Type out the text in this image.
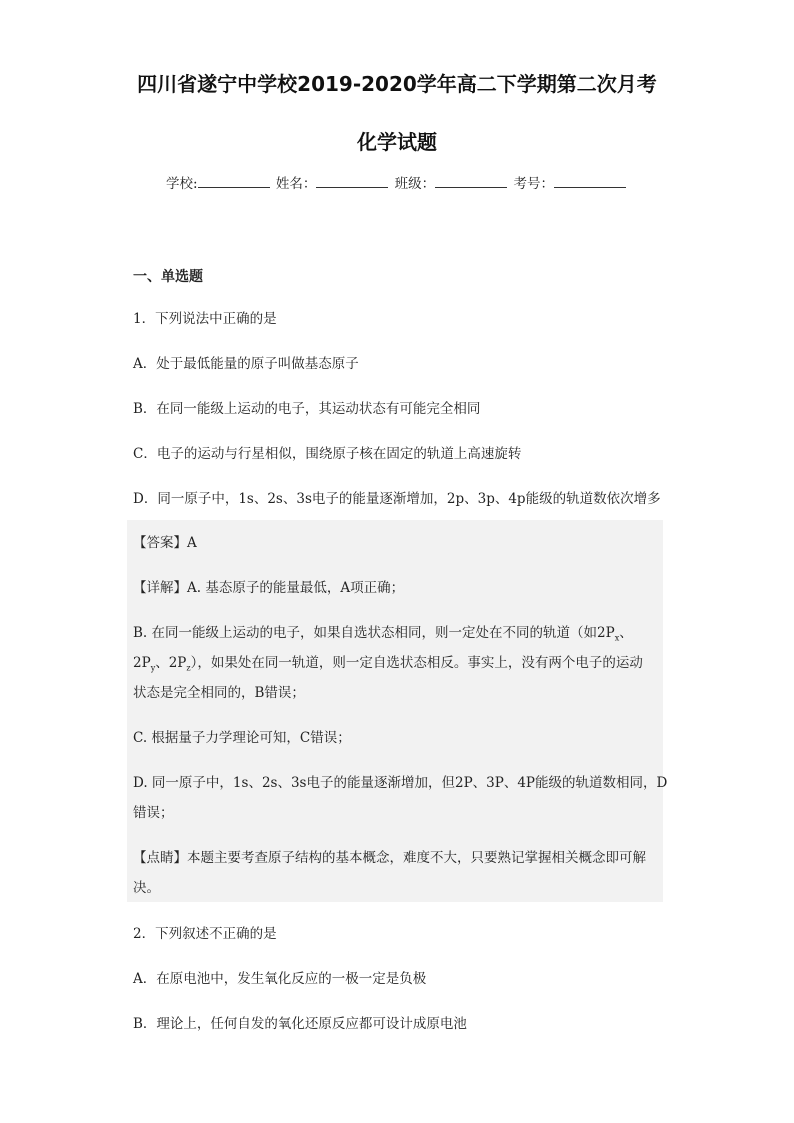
四川省遂宁中学校2019-2020学年高二下学期第二次月考
化学试题
学校:	姓名：	班级：	考号：
一、单选题
1．下列说法中正确的是
A．处于最低能量的原子叫做基态原子
B．在同一能级上运动的电子，其运动状态有可能完全相同
C．电子的运动与行星相似，围绕原子核在固定的轨道上高速旋转
D．同一原子中，1s、2s、3s电子的能量逐渐增加，2p、3p、4p能级的轨道数依次增多
【答案】A
【详解】A. 基态原子的能量最低，A项正确；
B. 在同一能级上运动的电子，如果自选状态相同，则一定处在不同的轨道（如$2P_x$、
$2P_y$、$2P_z$），如果处在同一轨道，则一定自选状态相反。事实上，没有两个电子的运动
状态是完全相同的，B错误；
C. 根据量子力学理论可知，C错误；
D. 同一原子中，1s、2s、3s电子的能量逐渐增加，但2P、3P、4P能级的轨道数相同，D
错误；
【点睛】本题主要考查原子结构的基本概念，难度不大，只要熟记掌握相关概念即可解
决。
2．下列叙述不正确的是
A．在原电池中，发生氧化反应的一极一定是负极
B．理论上，任何自发的氧化还原反应都可设计成原电池
